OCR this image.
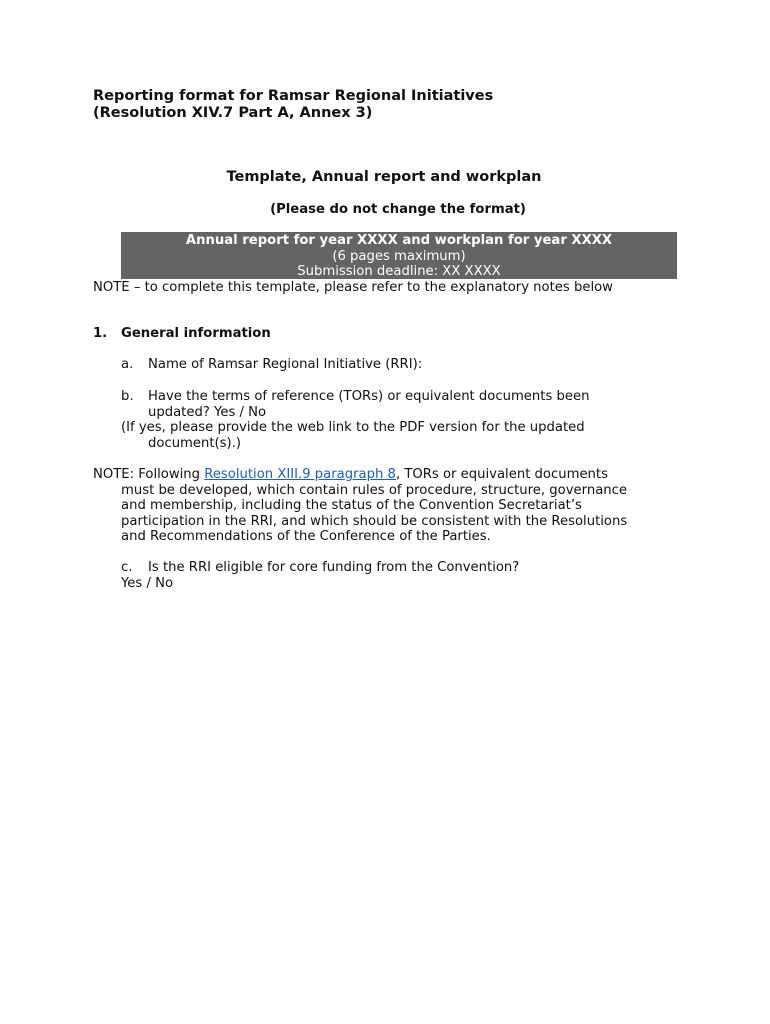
Reporting format for Ramsar Regional Initiatives
(Resolution XIV.7 Part A, Annex 3)
Template, Annual report and workplan
(Please do not change the format)
Annual report for year XXXX and workplan for year XXXX
(6 pages maximum)
Submission deadline: XX XXXX
NOTE – to complete this template, please refer to the explanatory notes below
1. General information
a. Name of Ramsar Regional Initiative (RRI):
b. Have the terms of reference (TORs) or equivalent documents been
updated? Yes / No
(If yes, please provide the web link to the PDF version for the updated
document(s).)
NOTE: Following Resolution XIII.9 paragraph 8, TORs or equivalent documents
must be developed, which contain rules of procedure, structure, governance
and membership, including the status of the Convention Secretariat’s
participation in the RRI, and which should be consistent with the Resolutions
and Recommendations of the Conference of the Parties.
c. Is the RRI eligible for core funding from the Convention?
Yes / No
